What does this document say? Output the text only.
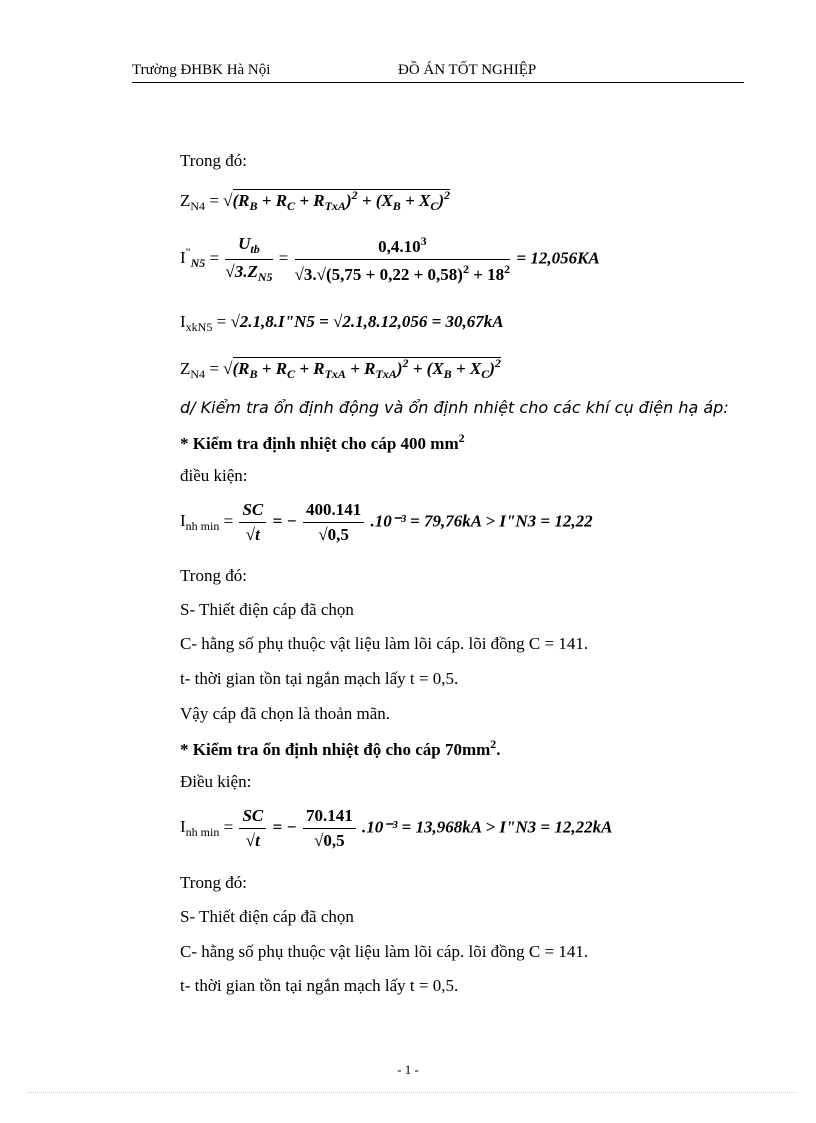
Trường ĐHBK Hà Nội	ĐỒ ÁN TỐT NGHIỆP
Trong đó:
$Z_{N4} = √(R_B + R_C + R_{TxA})^2 + (X_B + X_C)^2$
$I^"_{N5} = \frac{U_{tb}}{√3.Z_{N5}} = \frac{0,4.10^3}{√3.√(5,75 + 0,22 + 0,58)^2 + 18^2} = 12,056KA$
$I_{xkN5}$ = √2.1,8.I"N5 = √2.1,8.12,056 = 30,67kA
$Z_{N4} = √(R_B + R_C + R_{TxA} + R_{TxA})^2 + (X_B + X_C)^2$
d/ Kiểm tra ổn định động và ổn định nhiệt cho các khí cụ điện hạ áp:
* Kiểm tra định nhiệt cho cáp 400 $mm^2$
điều kiện:
$I_{nh min} = \frac{SC}{√t}$ = − $\frac{400.141}{√0,5} .10^{-3} = 79,76kA$ > I"N3 = 12,22
Trong đó:
S- Thiết điện cáp đã chọn
C- hằng số phụ thuộc vật liệu làm lõi cáp. lõi đồng C = 141.
t- thời gian tồn tại ngắn mạch lấy t = 0,5.
Vậy cáp đã chọn là thoản mãn.
* Kiểm tra ổn định nhiệt độ cho cáp $70mm^2$.
Điều kiện:
$I_{nh min} = \frac{SC}{√t}$ = − $\frac{70.141}{√0,5} .10^{-3} = 13,968kA$ > I"N3 = 12,22kA
Trong đó:
S- Thiết điện cáp đã chọn
C- hằng số phụ thuộc vật liệu làm lõi cáp. lõi đồng C = 141.
t- thời gian tồn tại ngắn mạch lấy t = 0,5.
- 1 -
